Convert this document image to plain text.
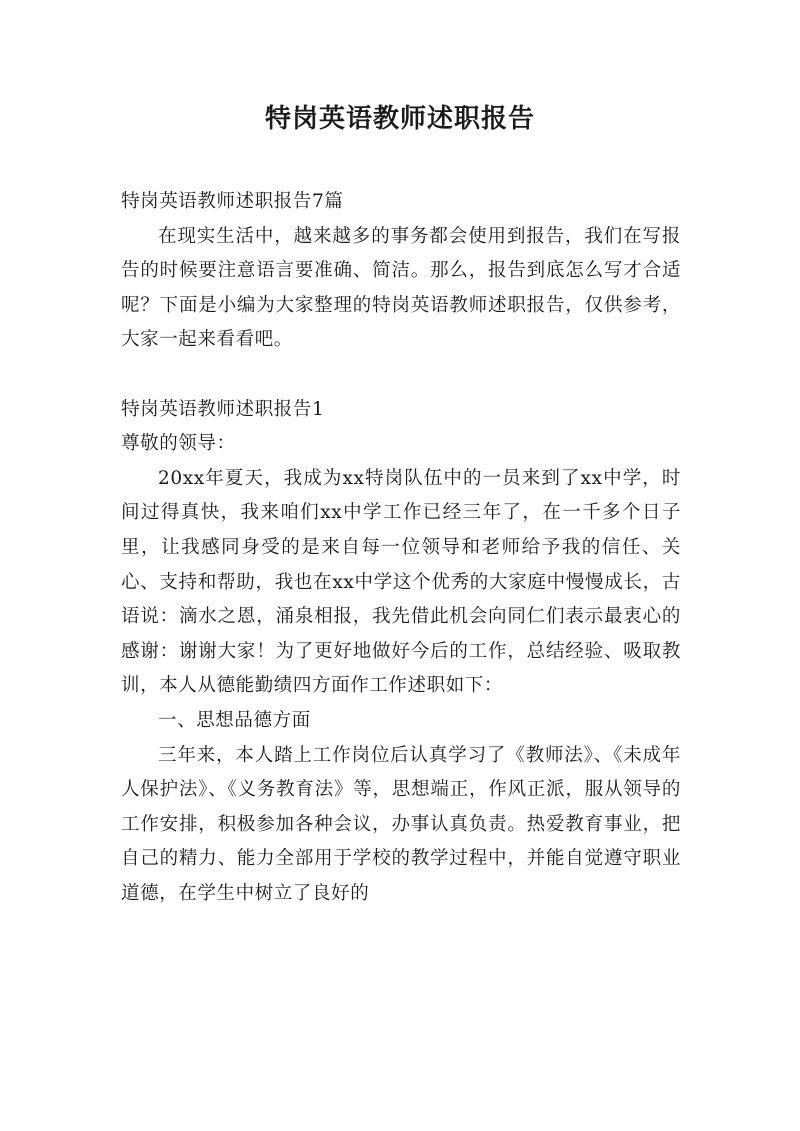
特岗英语教师述职报告

特岗英语教师述职报告7篇

在现实生活中，越来越多的事务都会使用到报告，我们在写报告的时候要注意语言要准确、简洁。那么，报告到底怎么写才合适呢？下面是小编为大家整理的特岗英语教师述职报告，仅供参考，大家一起来看看吧。

特岗英语教师述职报告1

尊敬的领导：

20xx年夏天，我成为xx特岗队伍中的一员来到了xx中学，时间过得真快，我来咱们xx中学工作已经三年了，在一千多个日子里，让我感同身受的是来自每一位领导和老师给予我的信任、关心、支持和帮助，我也在xx中学这个优秀的大家庭中慢慢成长，古语说：滴水之恩，涌泉相报，我先借此机会向同仁们表示最衷心的感谢：谢谢大家！为了更好地做好今后的工作，总结经验、吸取教训，本人从德能勤绩四方面作工作述职如下：

一、思想品德方面

三年来，本人踏上工作岗位后认真学习了《教师法》、《未成年人保护法》、《义务教育法》等，思想端正，作风正派，服从领导的工作安排，积极参加各种会议，办事认真负责。热爱教育事业，把自己的精力、能力全部用于学校的教学过程中，并能自觉遵守职业道德，在学生中树立了良好的
